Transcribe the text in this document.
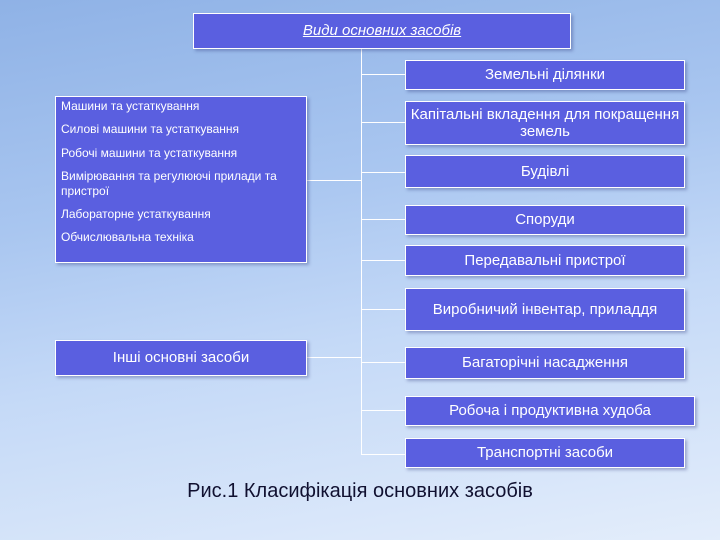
Види основних засобів
Земельні ділянки
Капітальні вкладення для покращення земель
Будівлі
Споруди
Передавальні пристрої
Виробничий інвентар, приладдя
Багаторічні насадження
Робоча і продуктивна худоба
Транспортні засоби
Машини та устаткування
Силові машини та устаткування
Робочі машини та устаткування
Вимірювання та регулюючі прилади та пристрої
Лабораторне устаткування
Обчислювальна техніка
Інші основні засоби
Рис.1 Класифікація основних засобів
